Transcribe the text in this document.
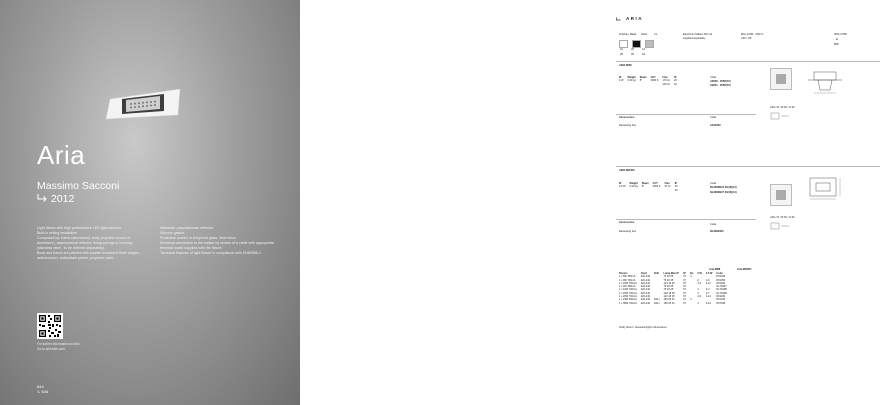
Aria

Massimo Sacconi

2012

Light fixture with high performance LED light sources.

Built-in ceiling installation.

Composed by: frame (aluminium), body (injection mould of aluminium), asymmetrical reflector, fixing springs in housing (stainless steel - to be ordered separately).

Body and frame are painted with powder treatment three stages - anticorrosion, antioxidant primer, polyester paint.

Materials: polycarbonate reflector.

Silicone gasket.

Protection screen in tempered glass, 3mm thick.

Electrical connection to the ballast by means of a cable with appropriate terminal board supplied with the fixture.

Technical features of light fixture in compliance with EN60598-1.

For further information on Aria

Go to artemide.com

644

↳ 645

ARIA
Finishes Black Silver	CL
01	30	12
05	30	04
Electronic ballast 700 mA
supplied separately
Max 4x4W - 600 lm
CRI > 80
IP20 / IP65
A
850°
ARIA MINI
W	Weight	Beam	CCT	Flux	IP
4 W	0,20 kg	8°	3000 K	170 lm	20
				200 lm	40
Code
A2050 · 2558(Y2)
A2051 · 2558(Y2)
L/Ro 70 / Ø 64 / H 90
Accessories	Code
Recessing box	A194300
ARIA MICRO
W	Weight	Beam	CCT	Flux	IP
2,5 W	0,20 kg	8°	3000 K	97 lm	20
					40
Code
NL2903B01 00(10)(11)
NL2903B07 00(10)(11)
L/Ro 72 / Ø 64 / H 90
Accessories
Code
Recessing box	NL2903000
Aria MINI	Aria MICRO
Drivers	V(ac)	Drill	Lamp Max N°	IP	No	2 W	2,5 W	Code
1 x 5W 350mA	220-240		75 18 25	67	4			D51049
1 x 9W 700mA	220-240		75 18 25	67		2	2-6	D51050
1 x 18W 700mA	220-240		123 18 25	67		2-4	2-12	D51094
1 x 4W 350mA	220-240		75 18 25	67				NL7933Y
1 x 10W 700mA	220-240		75 18 25	67		1	2-3	NL7943B
1 x 20W 700mA	220-240		128 18 25	67		2	2-7	NL7944B
1 x 20W 700mA	220-240		123 18 25	67		2-6	2-12	D51030
1 x 23W 350mA	220-240	DALI	165 25 31	67	4			D57042
1 x 38W 700mA	220-240	DALI	165 25 31	67		4	2-12	D57046
Verify driver / recessed light's dimensions.
